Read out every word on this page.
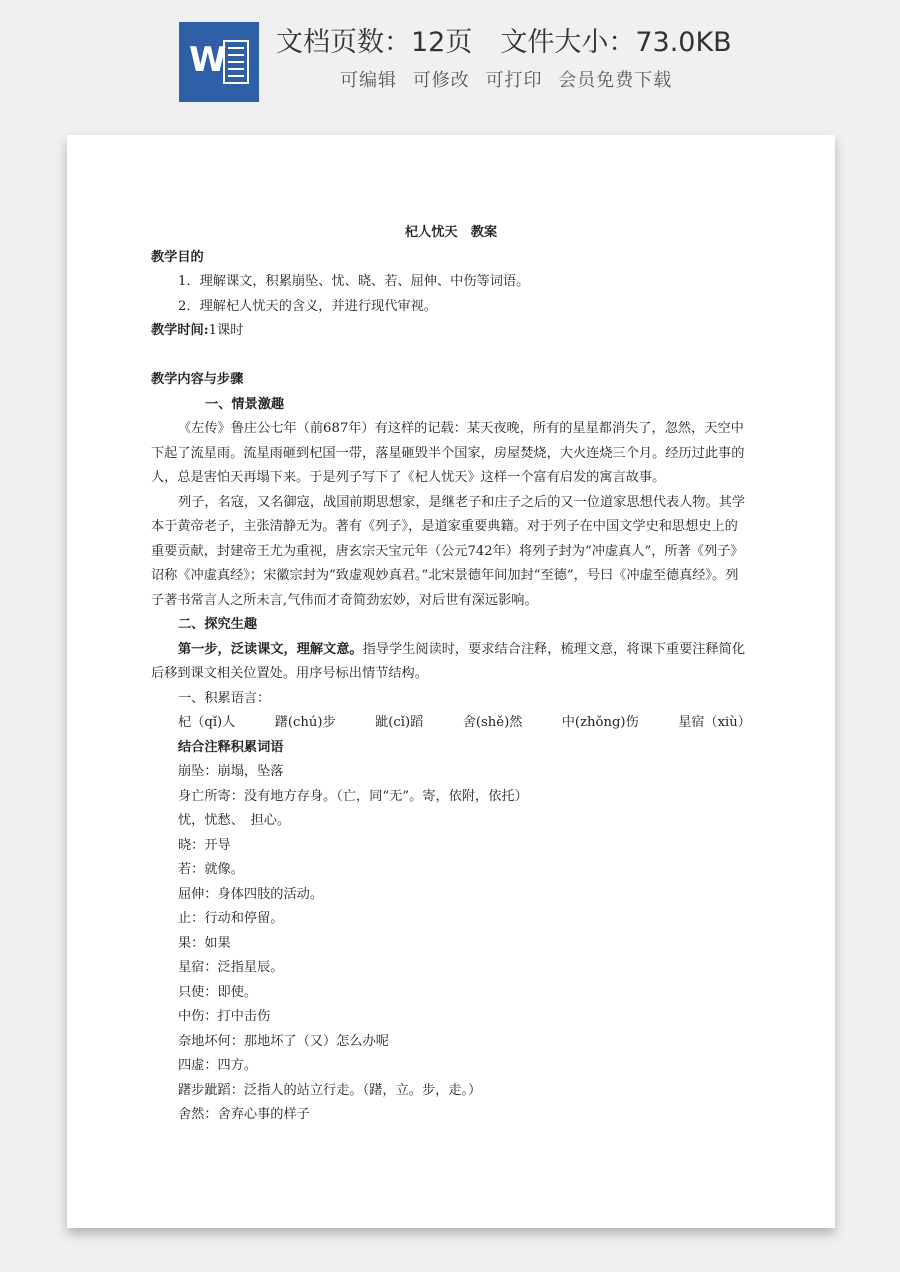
W 文档页数：12页 文件大小：73.0KB
可编辑 可修改 可打印 会员免费下载

杞人忧天　教案

教学目的

1．理解课文，积累崩坠、忧、晓、若、屈伸、中伤等词语。

2．理解杞人忧天的含义，并进行现代审视。

教学时间:1课时

教学内容与步骤

一、情景激趣

《左传》鲁庄公七年（前687年）有这样的记载：某天夜晚，所有的星星都消失了，忽然，天空中下起了流星雨。流星雨砸到杞国一带，落星砸毁半个国家，房屋焚烧，大火连烧三个月。经历过此事的人，总是害怕天再塌下来。于是列子写下了《杞人忧天》这样一个富有启发的寓言故事。

列子，名寇，又名御寇，战国前期思想家，是继老子和庄子之后的又一位道家思想代表人物。其学本于黄帝老子，主张清静无为。著有《列子》，是道家重要典籍。对于列子在中国文学史和思想史上的重要贡献，封建帝王尤为重视，唐玄宗天宝元年（公元742年）将列子封为“冲虚真人”，所著《列子》诏称《冲虚真经》；宋徽宗封为“致虚观妙真君。”北宋景德年间加封“至德”，号曰《冲虚至德真经》。列子著书常言人之所未言,气伟而才奇简劲宏妙，对后世有深远影响。

二、探究生趣

第一步，泛读课文，理解文意。指导学生阅读时，要求结合注释，梳理文意，将课下重要注释简化后移到课文相关位置处。用序号标出情节结构。

一、积累语言：

杞（qǐ)人	躇(chú)步	跐(cǐ)蹈	舍(shě)然	中(zhǒng)伤	星宿（xiù）

结合注释积累词语

崩坠：崩塌，坠落

身亡所寄：没有地方存身。（亡，同“无”。寄，依附，依托）

忧，忧愁、　担心。

晓：开导

若：就像。

屈伸：身体四肢的活动。

止：行动和停留。

果：如果

星宿：泛指星辰。

只使：即使。

中伤：打中击伤

奈地坏何：那地坏了（又）怎么办呢

四虚：四方。

躇步跐蹈：泛指人的站立行走。（躇，立。步，走。）

舍然：舍弃心事的样子
